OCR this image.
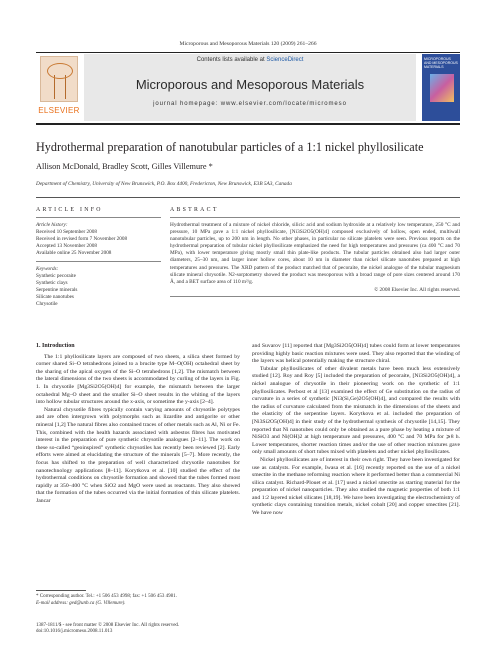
Microporous and Mesoporous Materials 120 (2009) 261–266
ELSEVIER
Contents lists available at ScienceDirect
Microporous and Mesoporous Materials
journal homepage: www.elsevier.com/locate/micromeso
MICROPOROUS AND MESOPOROUS MATERIALS
Hydrothermal preparation of nanotubular particles of a 1:1 nickel phyllosilicate
Allison McDonald, Bradley Scott, Gilles Villemure *
Department of Chemistry, University of New Brunswick, P.O. Box 4400, Fredericton, New Brunswick, E3B 5A3, Canada
ARTICLE INFO
Article history:
Received 10 September 2008
Received in revised form 7 November 2008
Accepted 13 November 2008
Available online 25 November 2008
Keywords:
Synthetic pecoraite
Synthetic clays
Serpentine minerals
Silicate nanotubes
Chrysotile
ABSTRACT

Hydrothermal treatment of a mixture of nickel chloride, silicic acid and sodium hydroxide at a relatively low temperature, 250 °C and pressure, 10 MPa gave a 1:1 nickel phyllosilicate, [Ni3Si2O5(OH)4] composed exclusively of hollow, open ended, multiwall nanotubular particles, up to 200 nm in length. No other phases, in particular no silicate platelets were seen. Previous reports on the hydrothermal preparation of tubular nickel phyllosilicate emphasized the need for high temperatures and pressures (ca 400 °C and 70 MPa), with lower temperature giving mostly small thin plate-like products. The tubular particles obtained also had larger outer diameters, 25–30 nm, and larger inner hollow cores, about 10 nm in diameter than nickel silicate nanotubes prepared at high temperatures and pressures. The XRD pattern of the product matched that of pecoraite, the nickel analogue of the tubular magnesium silicate mineral chrysotile. N2-sorptometry showed the product was mesoporous with a broad range of pore sizes centered around 170 Å, and a BET surface area of 110 m²/g.

© 2008 Elsevier Inc. All rights reserved.
1. Introduction

The 1:1 phyllosilicate layers are composed of two sheets, a silica sheet formed by corner shared Si–O tetrahedrons joined to a brucite type M–O(OH) octahedral sheet by the sharing of the apical oxygen of the Si–O tetrahedrons [1,2]. The mismatch between the lateral dimensions of the two sheets is accommodated by curling of the layers in Fig. 1. In chrysotile [Mg3Si2O5(OH)4] for example, the mismatch between the larger octahedral Mg–O sheet and the smaller Si–O sheet results in the whiting of the layers into hollow tubular structures around the x-axis, or sometime the y-axis [2–4].

Natural chrysotile fibres typically contain varying amounts of chrysotile polytypes and are often intergrown with polymorphs such as lizardite and antigorite or other mineral [1,2] The natural fibres also contained traces of other metals such as Al, Ni or Fe. This, combined with the health hazards associated with asbestos fibres has motivated interest in the preparation of pure synthetic chrysotile analogues [2–11]. The work on these so-called “geoinspired” synthetic chrysotiles has recently been reviewed [2]. Early efforts were aimed at elucidating the structure of the minerals [5–7]. More recently, the focus has shifted to the preparation of well characterized chrysotile nanotubes for nanotechnology applications [8–11]. Korytkova et al. [10] studied the effect of the hydrothermal conditions on chrysotile formation and showed that the tubes formed most rapidly at 350–400 °C when SiO2 and MgO were used as reactants. They also showed that the formation of the tubes occurred via the initial formation of thin silicate platelets. Jancar

and Suvarov [11] reported that [Mg3Si2O5(OH)4] tubes could form at lower temperatures providing highly basic reaction mixtures were used. They also reported that the winding of the layers was helical potentially making the structure chiral.

Tubular phyllosilicates of other divalent metals have been much less extensively studied [12]. Roy and Roy [5] included the preparation of pecoraite, [Ni3Si2O5(OH)4], a nickel analogue of chrysotile in their pioneering work on the synthetic of 1:1 phyllosilicates. Perbost et al [13] examined the effect of Ge substitution on the radius of curvature in a series of synthetic [Ni3(Si,Ge)2O5(OH)4], and compared the results with the radius of curvature calculated from the mismatch in the dimensions of the sheets and the elasticity of the serpentine layers. Korytkova et al. included the preparation of [Ni3Si2O5(OH)4] in their study of the hydrothermal synthesis of chrysotile [14,15]. They reported that Ni nanotubes could only be obtained as a pure phase by heating a mixture of NiSiO3 and Ni(OH)2 at high temperature and pressures, 400 °C and 70 MPa for ⩾8 h. Lower temperatures, shorter reaction times and/or the use of other reaction mixtures gave only small amounts of short tubes mixed with platelets and other nickel phyllosilicates.

Nickel phyllosilicates are of interest in their own right. They have been investigated for use as catalysts. For example, Iwasa et al. [16] recently reported on the use of a nickel smectite in the methane reforming reaction where it performed better than a commercial Ni silica catalyst. Richard-Plouet et al. [17] used a nickel smectite as starting material for the preparation of nickel nanoparticles. They also studied the magnetic properties of both 1:1 and 1:2 layered nickel silicates [18,19]. We have been investigating the electrochemistry of synthetic clays containing transition metals, nickel cobalt [20] and copper smectites [21]. We have now

* Corresponding author. Tel.: +1 506 453 4998; fax: +1 506 453 4981.
E-mail address: ged@unb.ca (G. Villemure).
1387-1811/$ - see front matter © 2008 Elsevier Inc. All rights reserved.
doi:10.1016/j.micromeso.2008.11.013
